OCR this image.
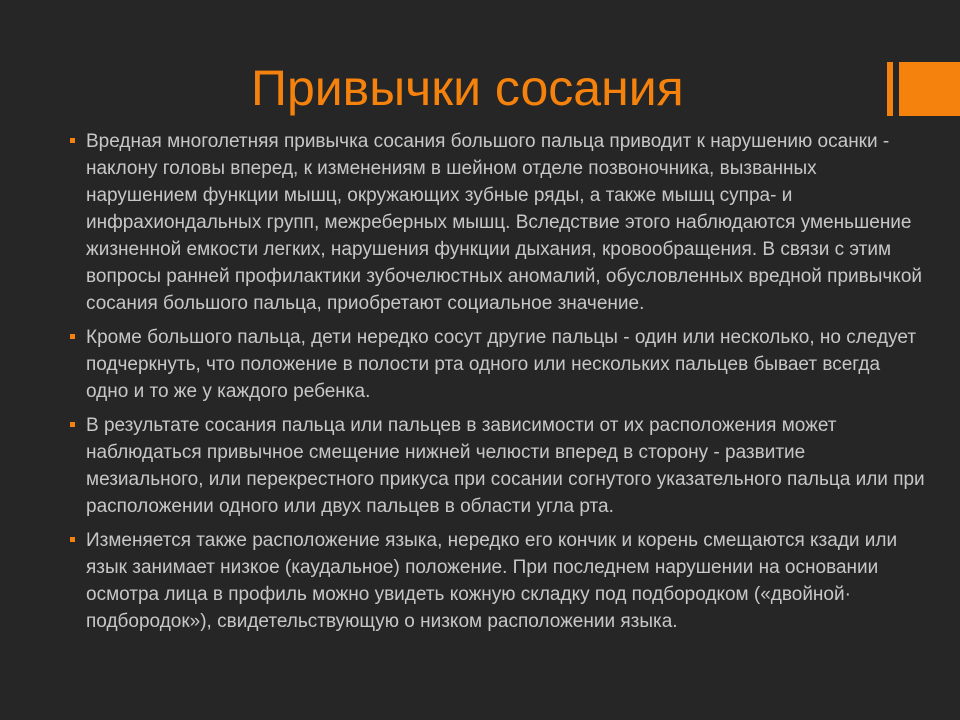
Привычки сосания
Вредная многолетняя привычка сосания большого пальца приводит к нарушению осанки - наклону головы вперед, к изменениям в шейном отделе позвоночника, вызванных нарушением функции мышц, окружающих зубные ряды, а также мышц супра- и инфрахиондальных групп, межреберных мышц. Вследствие этого наблюдаются уменьшение жизненной емкости легких, нарушения функции дыхания, кровообращения. В связи с этим вопросы ранней профилактики зубочелюстных аномалий, обусловленных вредной привычкой сосания большого пальца, приобретают социальное значение.
Кроме большого пальца, дети нередко сосут другие пальцы - один или несколько, но следует подчеркнуть, что положение в полости рта одного или нескольких пальцев бывает всегда одно и то же у каждого ребенка.
В результате сосания пальца или пальцев в зависимости от их расположения может наблюдаться привычное смещение нижней челюсти вперед в сторону - развитие мезиального, или перекрестного прикуса при сосании согнутого указательного пальца или при расположении одного или двух пальцев в области угла рта.
Изменяется также расположение языка, нередко его кончик и корень смещаются кзади или язык занимает низкое (каудальное) положение. При последнем нарушении на основании осмотра лица в профиль можно увидеть кожную складку под подбородком («двойной· подбородок»), свидетельствующую о низком расположении языка.
